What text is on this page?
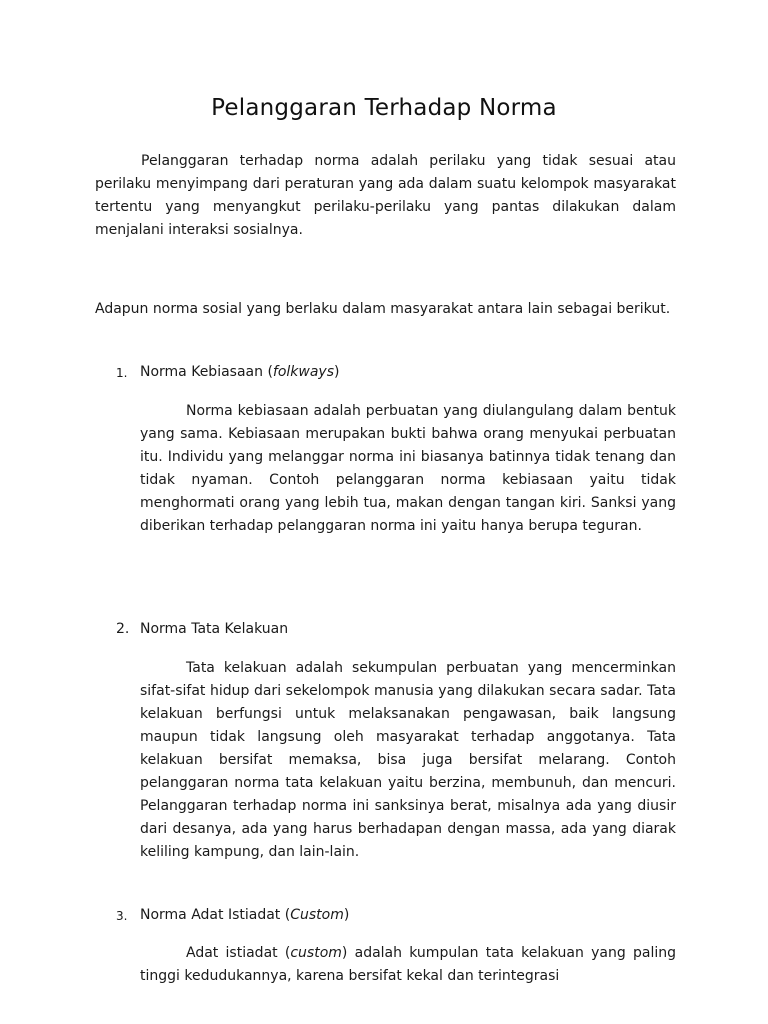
Pelanggaran Terhadap Norma

Pelanggaran terhadap norma adalah perilaku yang tidak sesuai atau perilaku menyimpang dari peraturan yang ada dalam suatu kelompok masyarakat tertentu yang menyangkut perilaku-perilaku yang pantas dilakukan dalam menjalani interaksi sosialnya.

Adapun norma sosial yang berlaku dalam masyarakat antara lain sebagai berikut.

1. Norma Kebiasaan (folkways)

Norma kebiasaan adalah perbuatan yang diulangulang dalam bentuk yang sama. Kebiasaan merupakan bukti bahwa orang menyukai perbuatan itu. Individu yang melanggar norma ini biasanya batinnya tidak tenang dan tidak nyaman. Contoh pelanggaran norma kebiasaan yaitu tidak menghormati orang yang lebih tua, makan dengan tangan kiri. Sanksi yang diberikan terhadap pelanggaran norma ini yaitu hanya berupa teguran.

2. Norma Tata Kelakuan

Tata kelakuan adalah sekumpulan perbuatan yang mencerminkan sifat-sifat hidup dari sekelompok manusia yang dilakukan secara sadar. Tata kelakuan berfungsi untuk melaksanakan pengawasan, baik langsung maupun tidak langsung oleh masyarakat terhadap anggotanya. Tata kelakuan bersifat memaksa, bisa juga bersifat melarang. Contoh pelanggaran norma tata kelakuan yaitu berzina, membunuh, dan mencuri. Pelanggaran terhadap norma ini sanksinya berat, misalnya ada yang diusir dari desanya, ada yang harus berhadapan dengan massa, ada yang diarak keliling kampung, dan lain-lain.

3. Norma Adat Istiadat (Custom)

Adat istiadat (custom) adalah kumpulan tata kelakuan yang paling tinggi kedudukannya, karena bersifat kekal dan terintegrasi
